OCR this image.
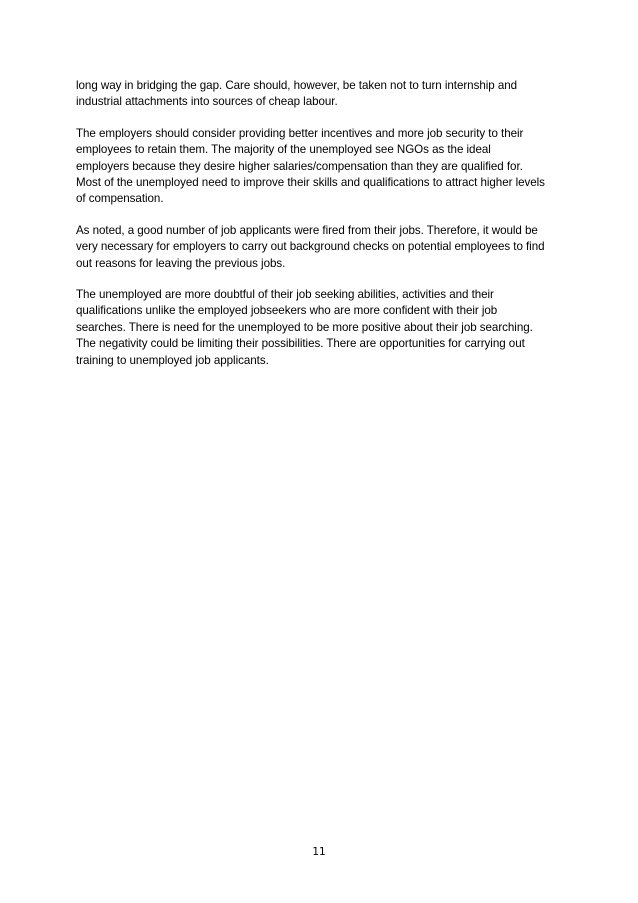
long way in bridging the gap. Care should, however, be taken not to turn internship and
industrial attachments into sources of cheap labour.

The employers should consider providing better incentives and more job security to their
employees to retain them. The majority of the unemployed see NGOs as the ideal
employers because they desire higher salaries/compensation than they are qualified for.
Most of the unemployed need to improve their skills and qualifications to attract higher levels
of compensation.

As noted, a good number of job applicants were fired from their jobs. Therefore, it would be
very necessary for employers to carry out background checks on potential employees to find
out reasons for leaving the previous jobs.

The unemployed are more doubtful of their job seeking abilities, activities and their
qualifications unlike the employed jobseekers who are more confident with their job
searches. There is need for the unemployed to be more positive about their job searching.
The negativity could be limiting their possibilities. There are opportunities for carrying out
training to unemployed job applicants.

11
